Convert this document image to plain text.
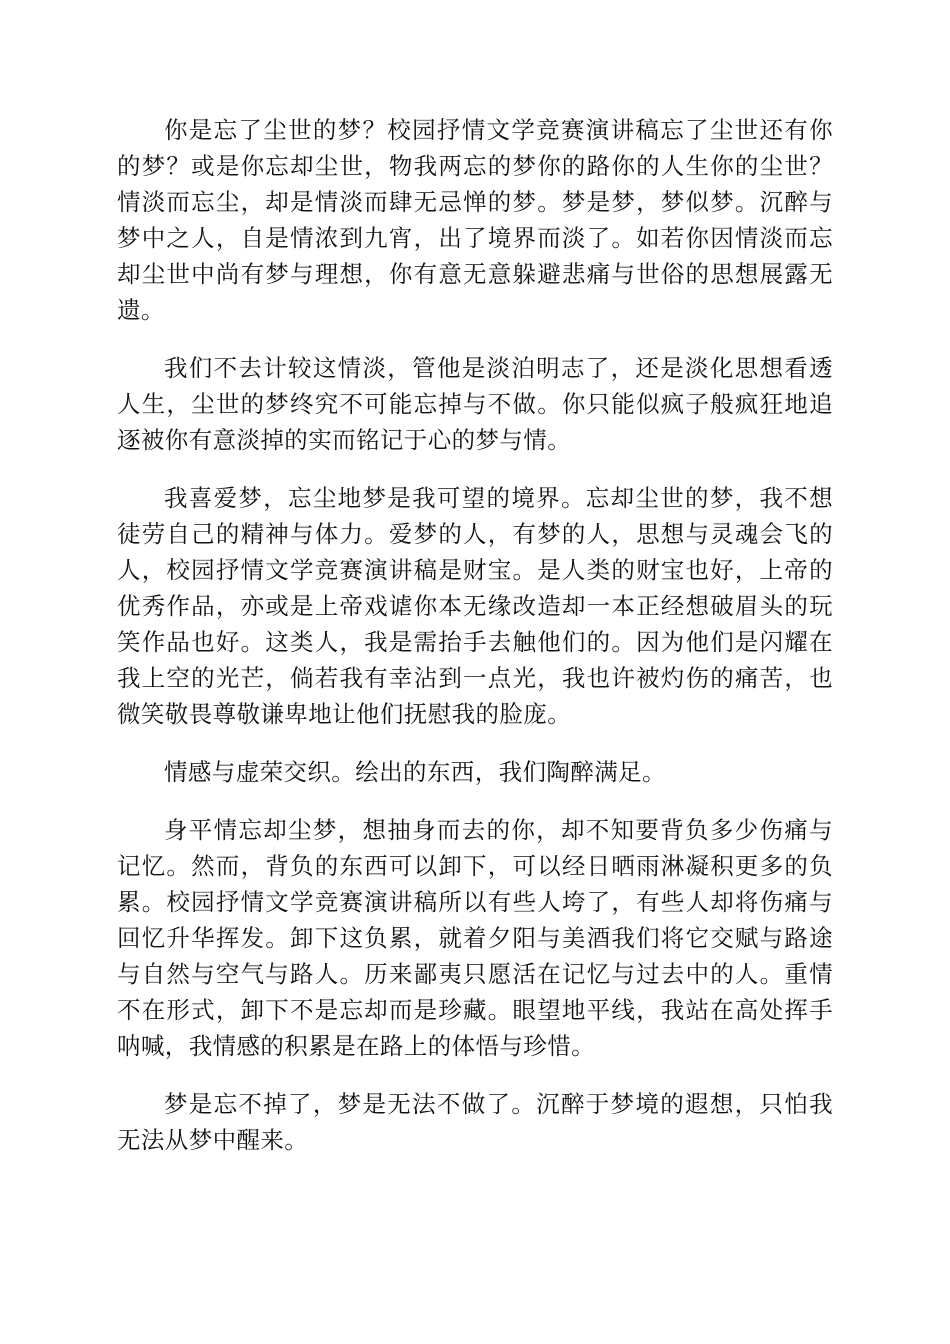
你是忘了尘世的梦？校园抒情文学竞赛演讲稿忘了尘世还有你的梦？或是你忘却尘世，物我两忘的梦你的路你的人生你的尘世？情淡而忘尘，却是情淡而肆无忌惮的梦。梦是梦，梦似梦。沉醉与梦中之人，自是情浓到九宵，出了境界而淡了。如若你因情淡而忘却尘世中尚有梦与理想，你有意无意躲避悲痛与世俗的思想展露无遗。

我们不去计较这情淡，管他是淡泊明志了，还是淡化思想看透人生，尘世的梦终究不可能忘掉与不做。你只能似疯子般疯狂地追逐被你有意淡掉的实而铭记于心的梦与情。

我喜爱梦，忘尘地梦是我可望的境界。忘却尘世的梦，我不想徒劳自己的精神与体力。爱梦的人，有梦的人，思想与灵魂会飞的人，校园抒情文学竞赛演讲稿是财宝。是人类的财宝也好，上帝的优秀作品，亦或是上帝戏谑你本无缘改造却一本正经想破眉头的玩笑作品也好。这类人，我是需抬手去触他们的。因为他们是闪耀在我上空的光芒，倘若我有幸沾到一点光，我也许被灼伤的痛苦，也微笑敬畏尊敬谦卑地让他们抚慰我的脸庞。

情感与虚荣交织。绘出的东西，我们陶醉满足。

身平情忘却尘梦，想抽身而去的你，却不知要背负多少伤痛与记忆。然而，背负的东西可以卸下，可以经日晒雨淋凝积更多的负累。校园抒情文学竞赛演讲稿所以有些人垮了，有些人却将伤痛与回忆升华挥发。卸下这负累，就着夕阳与美酒我们将它交赋与路途与自然与空气与路人。历来鄙夷只愿活在记忆与过去中的人。重情不在形式，卸下不是忘却而是珍藏。眼望地平线，我站在高处挥手呐喊，我情感的积累是在路上的体悟与珍惜。

梦是忘不掉了，梦是无法不做了。沉醉于梦境的遐想，只怕我无法从梦中醒来。
